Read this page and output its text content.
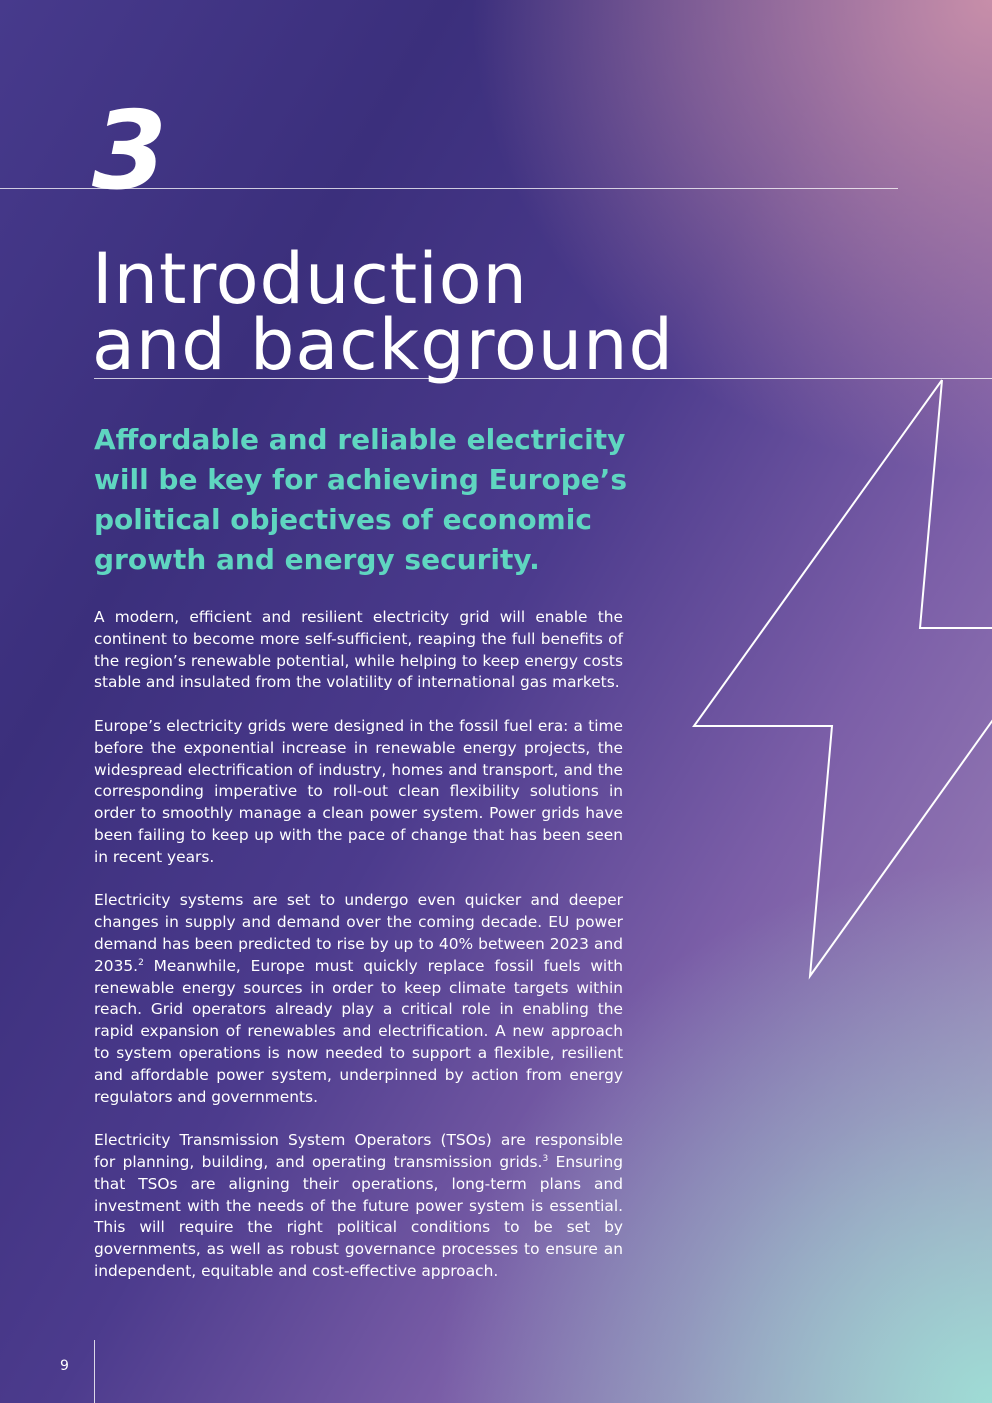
3
Introduction
and background

Affordable and reliable electricity will be key for achieving Europe’s political objectives of economic growth and energy security.

A modern, efficient and resilient electricity grid will enable the continent to become more self-sufficient, reaping the full benefits of the region’s renewable potential, while helping to keep energy costs stable and insulated from the volatility of international gas markets.

Europe’s electricity grids were designed in the fossil fuel era: a time before the exponential increase in renewable energy projects, the widespread electrification of industry, homes and transport, and the corresponding imperative to roll-out clean flexibility solutions in order to smoothly manage a clean power system. Power grids have been failing to keep up with the pace of change that has been seen in recent years.

Electricity systems are set to undergo even quicker and deeper changes in supply and demand over the coming decade. EU power demand has been predicted to rise by up to 40% between 2023 and 2035.$^2$ Meanwhile, Europe must quickly replace fossil fuels with renewable energy sources in order to keep climate targets within reach. Grid operators already play a critical role in enabling the rapid expansion of renewables and electrification. A new approach to system operations is now needed to support a flexible, resilient and affordable power system, underpinned by action from energy regulators and governments.

Electricity Transmission System Operators (TSOs) are responsible for planning, building, and operating transmission grids.$^3$ Ensuring that TSOs are aligning their operations, long-term plans and investment with the needs of the future power system is essential. This will require the right political conditions to be set by governments, as well as robust governance processes to ensure an independent, equitable and cost-effective approach.

9
